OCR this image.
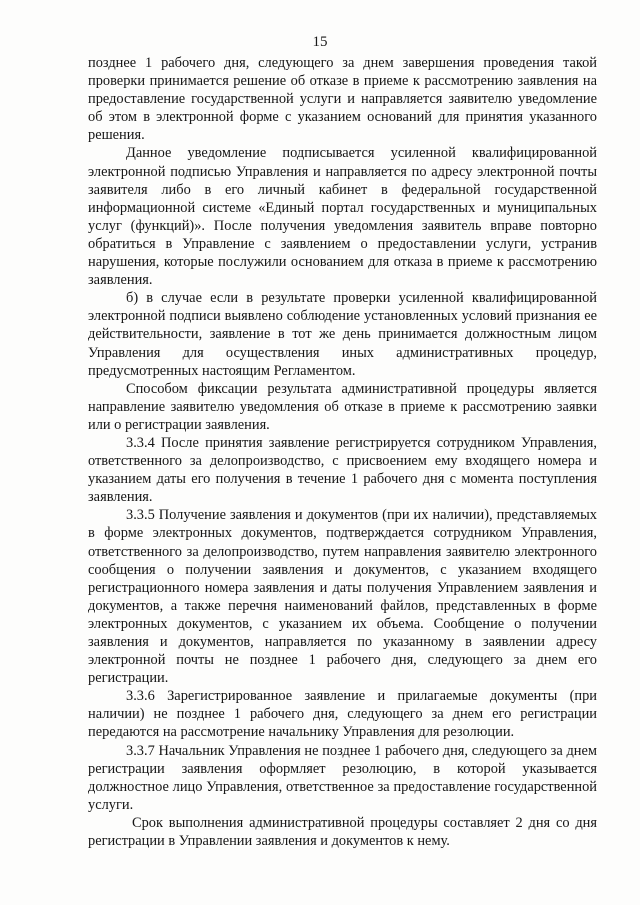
15

позднее 1 рабочего дня, следующего за днем завершения проведения такой проверки принимается решение об отказе в приеме к рассмотрению заявления на предоставление государственной услуги и направляется заявителю уведомление об этом в электронной форме с указанием оснований для принятия указанного решения.

Данное уведомление подписывается усиленной квалифицированной электронной подписью Управления и направляется по адресу электронной почты заявителя либо в его личный кабинет в федеральной государственной информационной системе «Единый портал государственных и муниципальных услуг (функций)». После получения уведомления заявитель вправе повторно обратиться в Управление с заявлением о предоставлении услуги, устранив нарушения, которые послужили основанием для отказа в приеме к рассмотрению заявления.

б) в случае если в результате проверки усиленной квалифицированной электронной подписи выявлено соблюдение установленных условий признания ее действительности, заявление в тот же день принимается должностным лицом Управления для осуществления иных административных процедур, предусмотренных настоящим Регламентом.

Способом фиксации результата административной процедуры является направление заявителю уведомления об отказе в приеме к рассмотрению заявки или о регистрации заявления.

3.3.4 После принятия заявление регистрируется сотрудником Управления, ответственного за делопроизводство, с присвоением ему входящего номера и указанием даты его получения в течение 1 рабочего дня с момента поступления заявления.

3.3.5 Получение заявления и документов (при их наличии), представляемых в форме электронных документов, подтверждается сотрудником Управления, ответственного за делопроизводство, путем направления заявителю электронного сообщения о получении заявления и документов, с указанием входящего регистрационного номера заявления и даты получения Управлением заявления и документов, а также перечня наименований файлов, представленных в форме электронных документов, с указанием их объема. Сообщение о получении заявления и документов, направляется по указанному в заявлении адресу электронной почты не позднее 1 рабочего дня, следующего за днем его регистрации.

3.3.6 Зарегистрированное заявление и прилагаемые документы (при наличии) не позднее 1 рабочего дня, следующего за днем его регистрации передаются на рассмотрение начальнику Управления для резолюции.

3.3.7 Начальник Управления не позднее 1 рабочего дня, следующего за днем регистрации заявления оформляет резолюцию, в которой указывается должностное лицо Управления, ответственное за предоставление государственной услуги.

Срок выполнения административной процедуры составляет 2 дня со дня регистрации в Управлении заявления и документов к нему.
